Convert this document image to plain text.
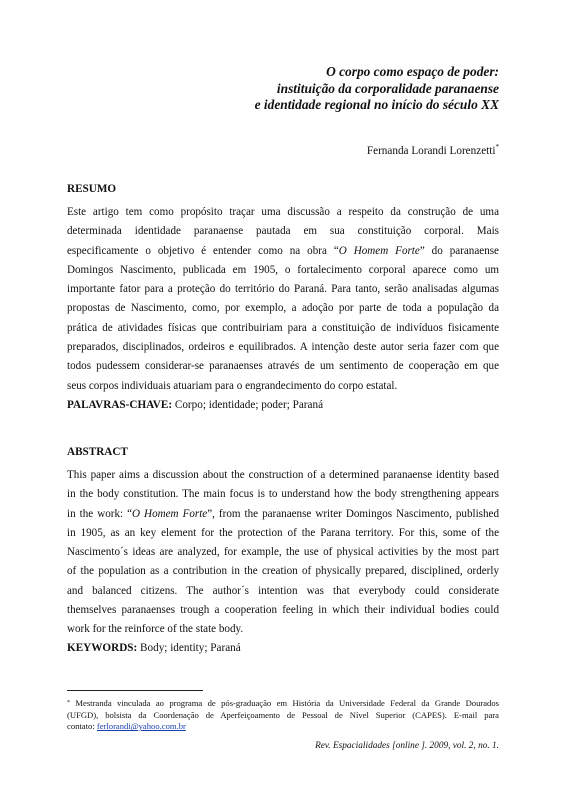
O corpo como espaço de poder:
instituição da corporalidade paranaense
e identidade regional no início do século XX
Fernanda Lorandi Lorenzetti*
RESUMO
Este artigo tem como propósito traçar uma discussão a respeito da construção de uma
determinada identidade paranaense pautada em sua constituição corporal. Mais
especificamente o objetivo é entender como na obra “O Homem Forte” do paranaense
Domingos Nascimento, publicada em 1905, o fortalecimento corporal aparece como um
importante fator para a proteção do território do Paraná. Para tanto, serão analisadas algumas
propostas de Nascimento, como, por exemplo, a adoção por parte de toda a população da
prática de atividades físicas que contribuiriam para a constituição de indivíduos fisicamente
preparados, disciplinados, ordeiros e equilibrados. A intenção deste autor seria fazer com que
todos pudessem considerar-se paranaenses através de um sentimento de cooperação em que
seus corpos individuais atuariam para o engrandecimento do corpo estatal.
PALAVRAS-CHAVE: Corpo; identidade; poder; Paraná
ABSTRACT
This paper aims a discussion about the construction of a determined paranaense identity based
in the body constitution. The main focus is to understand how the body strengthening appears
in the work: “O Homem Forte”, from the paranaense writer Domingos Nascimento, published
in 1905, as an key element for the protection of the Parana territory. For this, some of the
Nascimento´s ideas are analyzed, for example, the use of physical activities by the most part
of the population as a contribution in the creation of physically prepared, disciplined, orderly
and balanced citizens. The author´s intention was that everybody could considerate
themselves paranaenses trough a cooperation feeling in which their individual bodies could
work for the reinforce of the state body.
KEYWORDS: Body; identity; Paraná
* Mestranda vinculada ao programa de pós-graduação em História da Universidade Federal da Grande Dourados
(UFGD), bolsista da Coordenação de Aperfeiçoamento de Pessoal de Nível Superior (CAPES). E-mail para
contato: ferlorandi@yahoo.com.br
Rev. Espacialidades [online ]. 2009, vol. 2, no. 1.
